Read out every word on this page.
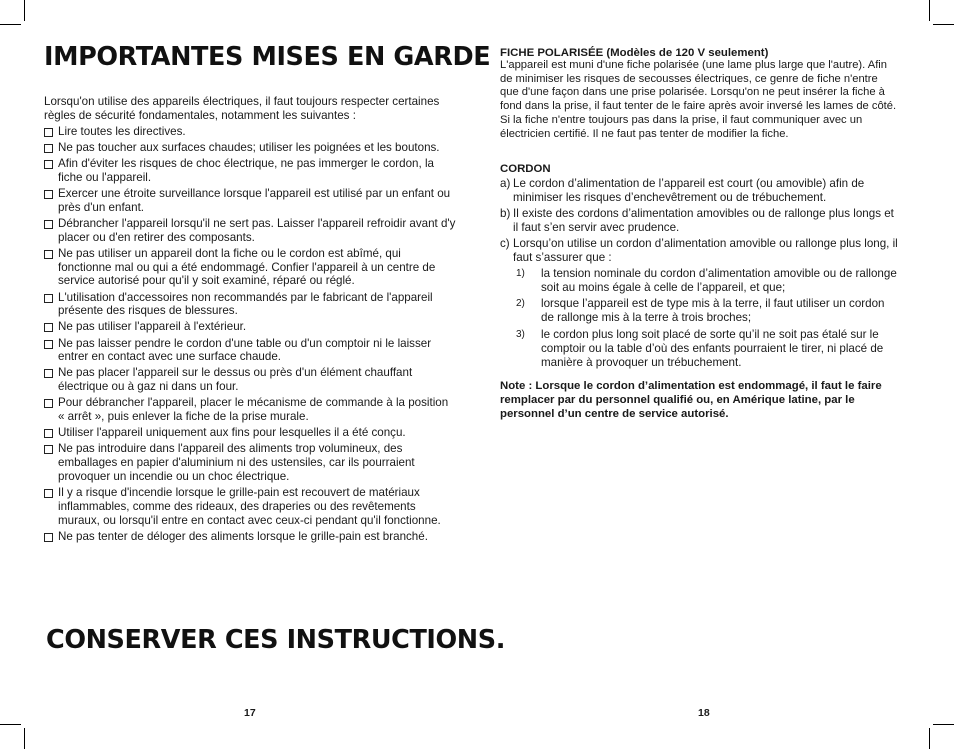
IMPORTANTES MISES EN GARDE

Lorsqu'on utilise des appareils électriques, il faut toujours respecter certaines règles de sécurité fondamentales, notamment les suivantes :

Lire toutes les directives.
Ne pas toucher aux surfaces chaudes; utiliser les poignées et les boutons.
Afin d'éviter les risques de choc électrique, ne pas immerger le cordon, la fiche ou l'appareil.
Exercer une étroite surveillance lorsque l'appareil est utilisé par un enfant ou près d'un enfant.
Débrancher l'appareil lorsqu'il ne sert pas. Laisser l'appareil refroidir avant d'y placer ou d'en retirer des composants.
Ne pas utiliser un appareil dont la fiche ou le cordon est abîmé, qui fonctionne mal ou qui a été endommagé. Confier l'appareil à un centre de service autorisé pour qu'il y soit examiné, réparé ou réglé.
L'utilisation d'accessoires non recommandés par le fabricant de l'appareil présente des risques de blessures.
Ne pas utiliser l'appareil à l'extérieur.
Ne pas laisser pendre le cordon d'une table ou d'un comptoir ni le laisser entrer en contact avec une surface chaude.
Ne pas placer l'appareil sur le dessus ou près d'un élément chauffant électrique ou à gaz ni dans un four.
Pour débrancher l'appareil, placer le mécanisme de commande à la position « arrêt », puis enlever la fiche de la prise murale.
Utiliser l'appareil uniquement aux fins pour lesquelles il a été conçu.
Ne pas introduire dans l'appareil des aliments trop volumineux, des emballages en papier d'aluminium ni des ustensiles, car ils pourraient provoquer un incendie ou un choc électrique.
Il y a risque d'incendie lorsque le grille-pain est recouvert de matériaux inflammables, comme des rideaux, des draperies ou des revêtements muraux, ou lorsqu'il entre en contact avec ceux-ci pendant qu'il fonctionne.
Ne pas tenter de déloger des aliments lorsque le grille-pain est branché.
CONSERVER CES INSTRUCTIONS.
17

FICHE POLARISÉE (Modèles de 120 V seulement)

L'appareil est muni d'une fiche polarisée (une lame plus large que l'autre). Afin de minimiser les risques de secousses électriques, ce genre de fiche n'entre que d'une façon dans une prise polarisée. Lorsqu'on ne peut insérer la fiche à fond dans la prise, il faut tenter de le faire après avoir inversé les lames de côté. Si la fiche n'entre toujours pas dans la prise, il faut communiquer avec un électricien certifié. Il ne faut pas tenter de modifier la fiche.

CORDON

a) Le cordon d’alimentation de l’appareil est court (ou amovible) afin de minimiser les risques d’enchevêtrement ou de trébuchement.
b) Il existe des cordons d’alimentation amovibles ou de rallonge plus longs et il faut s’en servir avec prudence.
c) Lorsqu’on utilise un cordon d’alimentation amovible ou rallonge plus long, il faut s’assurer que :
1) la tension nominale du cordon d’alimentation amovible ou de rallonge soit au moins égale à celle de l’appareil, et que;
2) lorsque l’appareil est de type mis à la terre, il faut utiliser un cordon de rallonge mis à la terre à trois broches;
3) le cordon plus long soit placé de sorte qu’il ne soit pas étalé sur le comptoir ou la table d’où des enfants pourraient le tirer, ni placé de manière à provoquer un trébuchement.

Note : Lorsque le cordon d’alimentation est endommagé, il faut le faire remplacer par du personnel qualifié ou, en Amérique latine, par le personnel d’un centre de service autorisé.

18
